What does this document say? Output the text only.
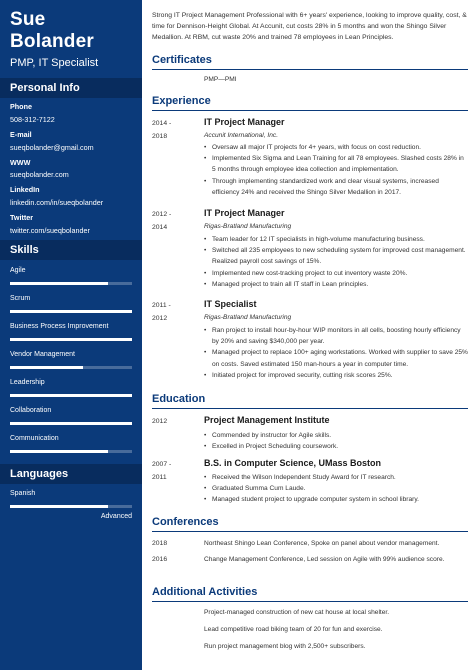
Sue
Bolander
PMP, IT Specialist
Personal Info
Phone
508-312-7122
E-mail
sueqbolander@gmail.com
WWW
sueqbolander.com
LinkedIn
linkedin.com/in/sueqbolander
Twitter
twitter.com/sueqbolander
Skills
Agile
Scrum
Business Process Improvement
Vendor Management
Leadership
Collaboration
Communication
Languages
Spanish
Advanced
Strong IT Project Management Professional with 6+ years' experience, looking to improve quality, cost, & time for Dennison-Height Global. At Accunit, cut costs 28% in 5 months and won the Shingo Silver Medallion. At RBM, cut waste 20% and trained 78 employees in Lean Principles.
Certificates
PMP—PMI
Experience
2014 -
2018
IT Project Manager
Accunit International, Inc.
• Oversaw all major IT projects for 4+ years, with focus on cost reduction.
• Implemented Six Sigma and Lean Training for all 78 employees. Slashed costs 28% in 5 months through employee idea collection and implementation.
• Through implementing standardized work and clear visual systems, increased efficiency 24% and received the Shingo Silver Medallion in 2017.
2012 -
2014
IT Project Manager
Rigas-Bratland Manufacturing
• Team leader for 12 IT specialists in high-volume manufacturing business.
• Switched all 235 employees to new scheduling system for improved cost management. Realized payroll cost savings of 15%.
• Implemented new cost-tracking project to cut inventory waste 20%.
• Managed project to train all IT staff in Lean principles.
2011 -
2012
IT Specialist
Rigas-Bratland Manufacturing
• Ran project to install hour-by-hour WIP monitors in all cells, boosting hourly efficiency by 20% and saving $340,000 per year.
• Managed project to replace 100+ aging workstations. Worked with supplier to save 25% on costs. Saved estimated 150 man-hours a year in computer time.
• Initiated project for improved security, cutting risk scores 25%.
Education
2012	Project Management Institute
• Commended by instructor for Agile skills.
• Excelled in Project Scheduling coursework.
2007 -
2011
B.S. in Computer Science, UMass Boston
• Received the Wilson Independent Study Award for IT research.
• Graduated Summa Cum Laude.
• Managed student project to upgrade computer system in school library.
Conferences
2018	Northeast Shingo Lean Conference, Spoke on panel about vendor management.
2016	Change Management Conference, Led session on Agile with 99% audience score.
Additional Activities
Project-managed construction of new cat house at local shelter.
Lead competitive road biking team of 20 for fun and exercise.
Run project management blog with 2,500+ subscribers.
